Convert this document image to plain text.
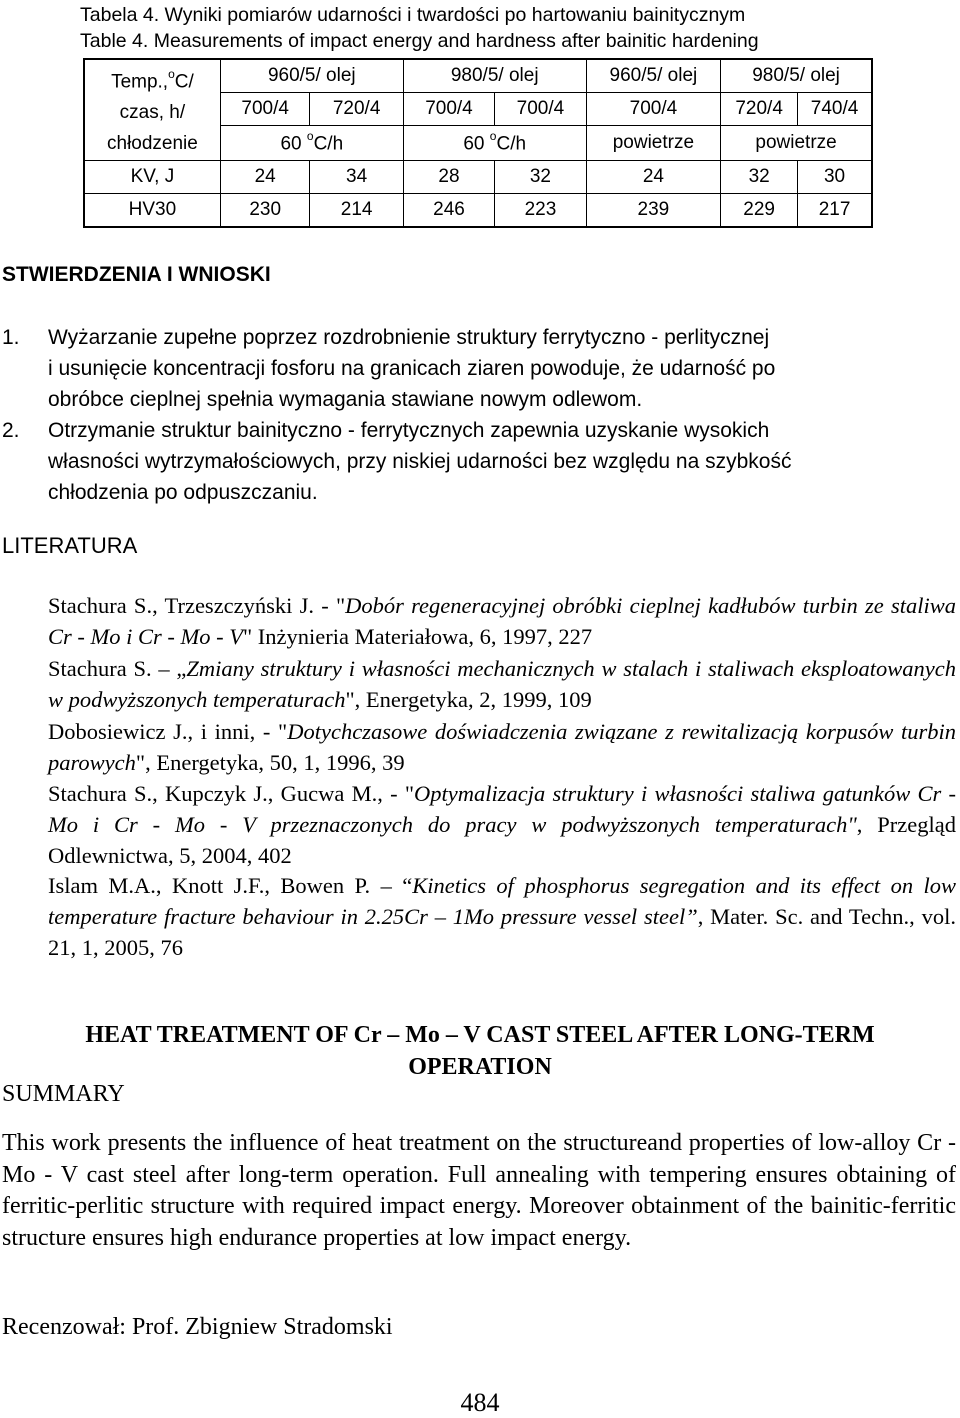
Tabela 4. Wyniki pomiarów udarności i twardości po hartowaniu bainitycznym
Table 4. Measurements of impact energy and hardness after bainitic hardening
Temp.,$^o$C/
czas, h/
chłodzenie	960/5/ olej		980/5/ olej		960/5/ olej	980/5/ olej	
	700/4	720/4	700/4	700/4	700/4	720/4	740/4
	60 $^o$C/h		60 $^o$C/h		powietrze	powietrze	
KV, J	24	34	28	32	24	32	30
HV30	230	214	246	223	239	229	217
STWIERDZENIA I WNIOSKI
1. Wyżarzanie zupełne poprzez rozdrobnienie struktury ferrytyczno - perlitycznej
i usunięcie koncentracji fosforu na granicach ziaren powoduje, że udarność po
obróbce cieplnej spełnia wymagania stawiane nowym odlewom.
2. Otrzymanie struktur bainityczno - ferrytycznych zapewnia uzyskanie wysokich
własności wytrzymałościowych, przy niskiej udarności bez względu na szybkość
chłodzenia po odpuszczaniu.
LITERATURA
Stachura S., Trzeszczyński J. - "Dobór regeneracyjnej obróbki cieplnej kadłubów turbin ze staliwa Cr - Mo i Cr - Mo - V" Inżynieria Materiałowa, 6, 1997, 227
Stachura S. – „Zmiany struktury i własności mechanicznych w stalach i staliwach eksploatowanych w podwyższonych temperaturach", Energetyka, 2, 1999, 109
Dobosiewicz J., i inni, - "Dotychczasowe doświadczenia związane z rewitalizacją korpusów turbin parowych", Energetyka, 50, 1, 1996, 39
Stachura S., Kupczyk J., Gucwa M., - "Optymalizacja struktury i własności staliwa gatunków Cr - Mo i Cr - Mo - V przeznaczonych do pracy w podwyższonych temperaturach", Przegląd Odlewnictwa, 5, 2004, 402
Islam M.A., Knott J.F., Bowen P. – “Kinetics of phosphorus segregation and its effect on low temperature fracture behaviour in 2.25Cr – 1Mo pressure vessel steel”, Mater. Sc. and Techn., vol. 21, 1, 2005, 76
HEAT TREATMENT OF Cr – Mo – V CAST STEEL AFTER LONG-TERM
OPERATION
SUMMARY
This work presents the influence of heat treatment on the structureand properties of low-alloy Cr - Mo - V cast steel after long-term operation. Full annealing with tempering ensures obtaining of ferritic-perlitic structure with required impact energy. Moreover obtainment of the bainitic-ferritic structure ensures high endurance properties at low impact energy.
Recenzował: Prof. Zbigniew Stradomski
484
